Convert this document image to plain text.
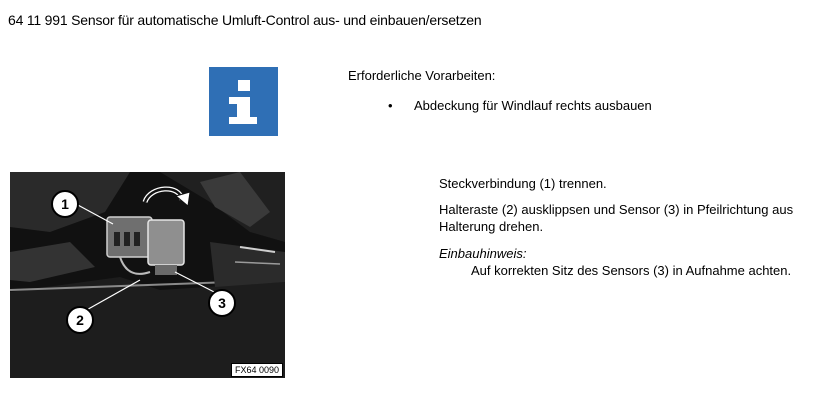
64 11 991 Sensor für automatische Umluft-Control aus- und einbauen/ersetzen
Erforderliche Vorarbeiten:
• Abdeckung für Windlauf rechts ausbauen
1
2
3
FX64 0090
Steckverbindung (1) trennen.
Halteraste (2) ausklippsen und Sensor (3) in Pfeilrichtung aus Halterung drehen.
Einbauhinweis:
Auf korrekten Sitz des Sensors (3) in Aufnahme achten.
